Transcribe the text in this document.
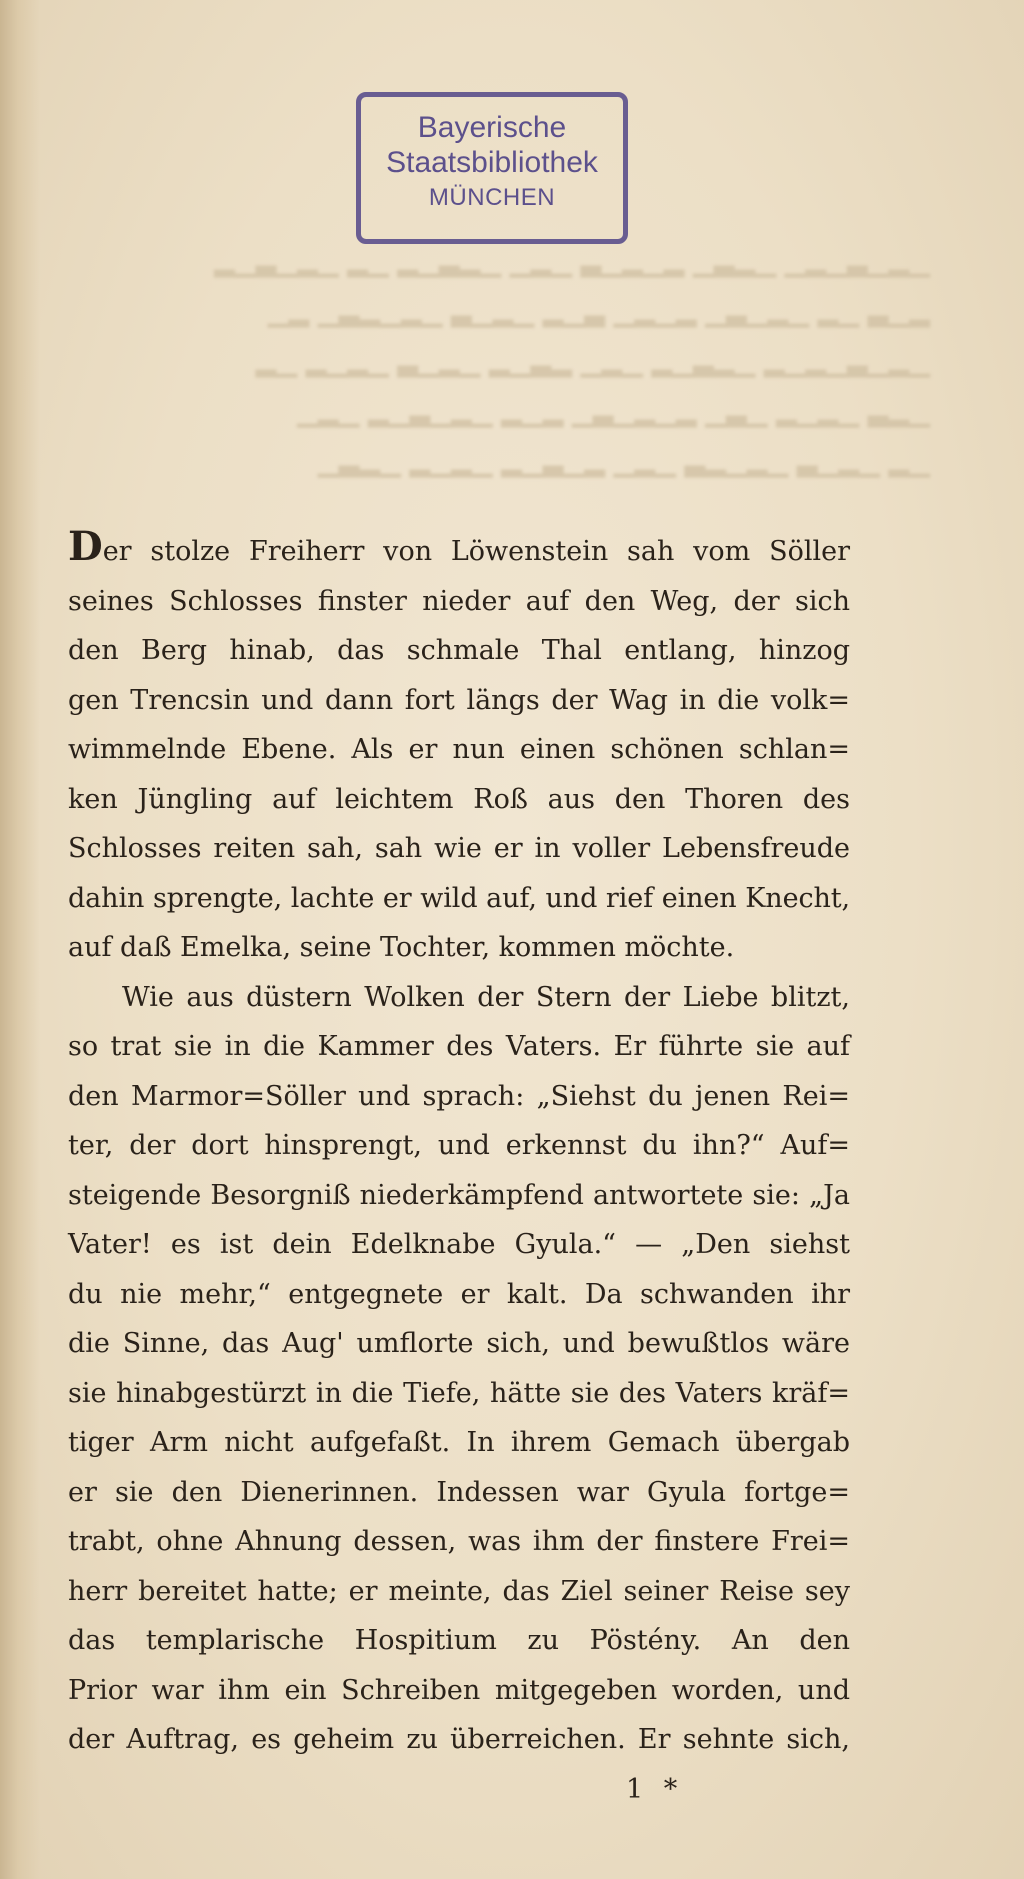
Bayerische
Staatsbibliothek
MÜNCHEN
▁▂▁▃▁▂▁ ▁▂▃▁ ▂▁▂▁▃ ▁▂▁ ▁▂▃▁▂ ▁▂ ▁▂▁▃▁▂
▂▁▃ ▁▂ ▁▂▁▃▁ ▂▁▂▁ ▃▁▂ ▁▂▁▃ ▁▂▁▂▃▁ ▂▁
▁▂▁▃▁▂▁▂ ▁▂▃▁▂ ▁▂▁ ▂▃▁▂ ▁▂▁▃ ▁▂▁▂ ▁▂
▁▂▃ ▁▂▁▂ ▁▃▁ ▂▁▂▁▃▁ ▂▁▂ ▁▂▁▃▁▂ ▁▂▁
▁▂ ▁▂▁▃ ▁▂▁▂▃ ▁▂▁ ▂▁▃▁▂ ▁▂▁▂ ▁▂▃▁
Der stolze Freiherr von Löwenstein sah vom Söller
seines Schlosses finster nieder auf den Weg, der sich
den Berg hinab, das schmale Thal entlang, hinzog
gen Trencsin und dann fort längs der Wag in die volk=
wimmelnde Ebene. Als er nun einen schönen schlan=
ken Jüngling auf leichtem Roß aus den Thoren des
Schlosses reiten sah, sah wie er in voller Lebensfreude
dahin sprengte, lachte er wild auf, und rief einen Knecht,
auf daß Emelka, seine Tochter, kommen möchte.
Wie aus düstern Wolken der Stern der Liebe blitzt,
so trat sie in die Kammer des Vaters. Er führte sie auf
den Marmor=Söller und sprach: „Siehst du jenen Rei=
ter, der dort hinsprengt, und erkennst du ihn?“ Auf=
steigende Besorgniß niederkämpfend antwortete sie: „Ja
Vater! es ist dein Edelknabe Gyula.“ — „Den siehst
du nie mehr,“ entgegnete er kalt. Da schwanden ihr
die Sinne, das Aug' umflorte sich, und bewußtlos wäre
sie hinabgestürzt in die Tiefe, hätte sie des Vaters kräf=
tiger Arm nicht aufgefaßt. In ihrem Gemach übergab
er sie den Dienerinnen. Indessen war Gyula fortge=
trabt, ohne Ahnung dessen, was ihm der finstere Frei=
herr bereitet hatte; er meinte, das Ziel seiner Reise sey
das templarische Hospitium zu Pöstény. An den
Prior war ihm ein Schreiben mitgegeben worden, und
der Auftrag, es geheim zu überreichen. Er sehnte sich,
1 *
